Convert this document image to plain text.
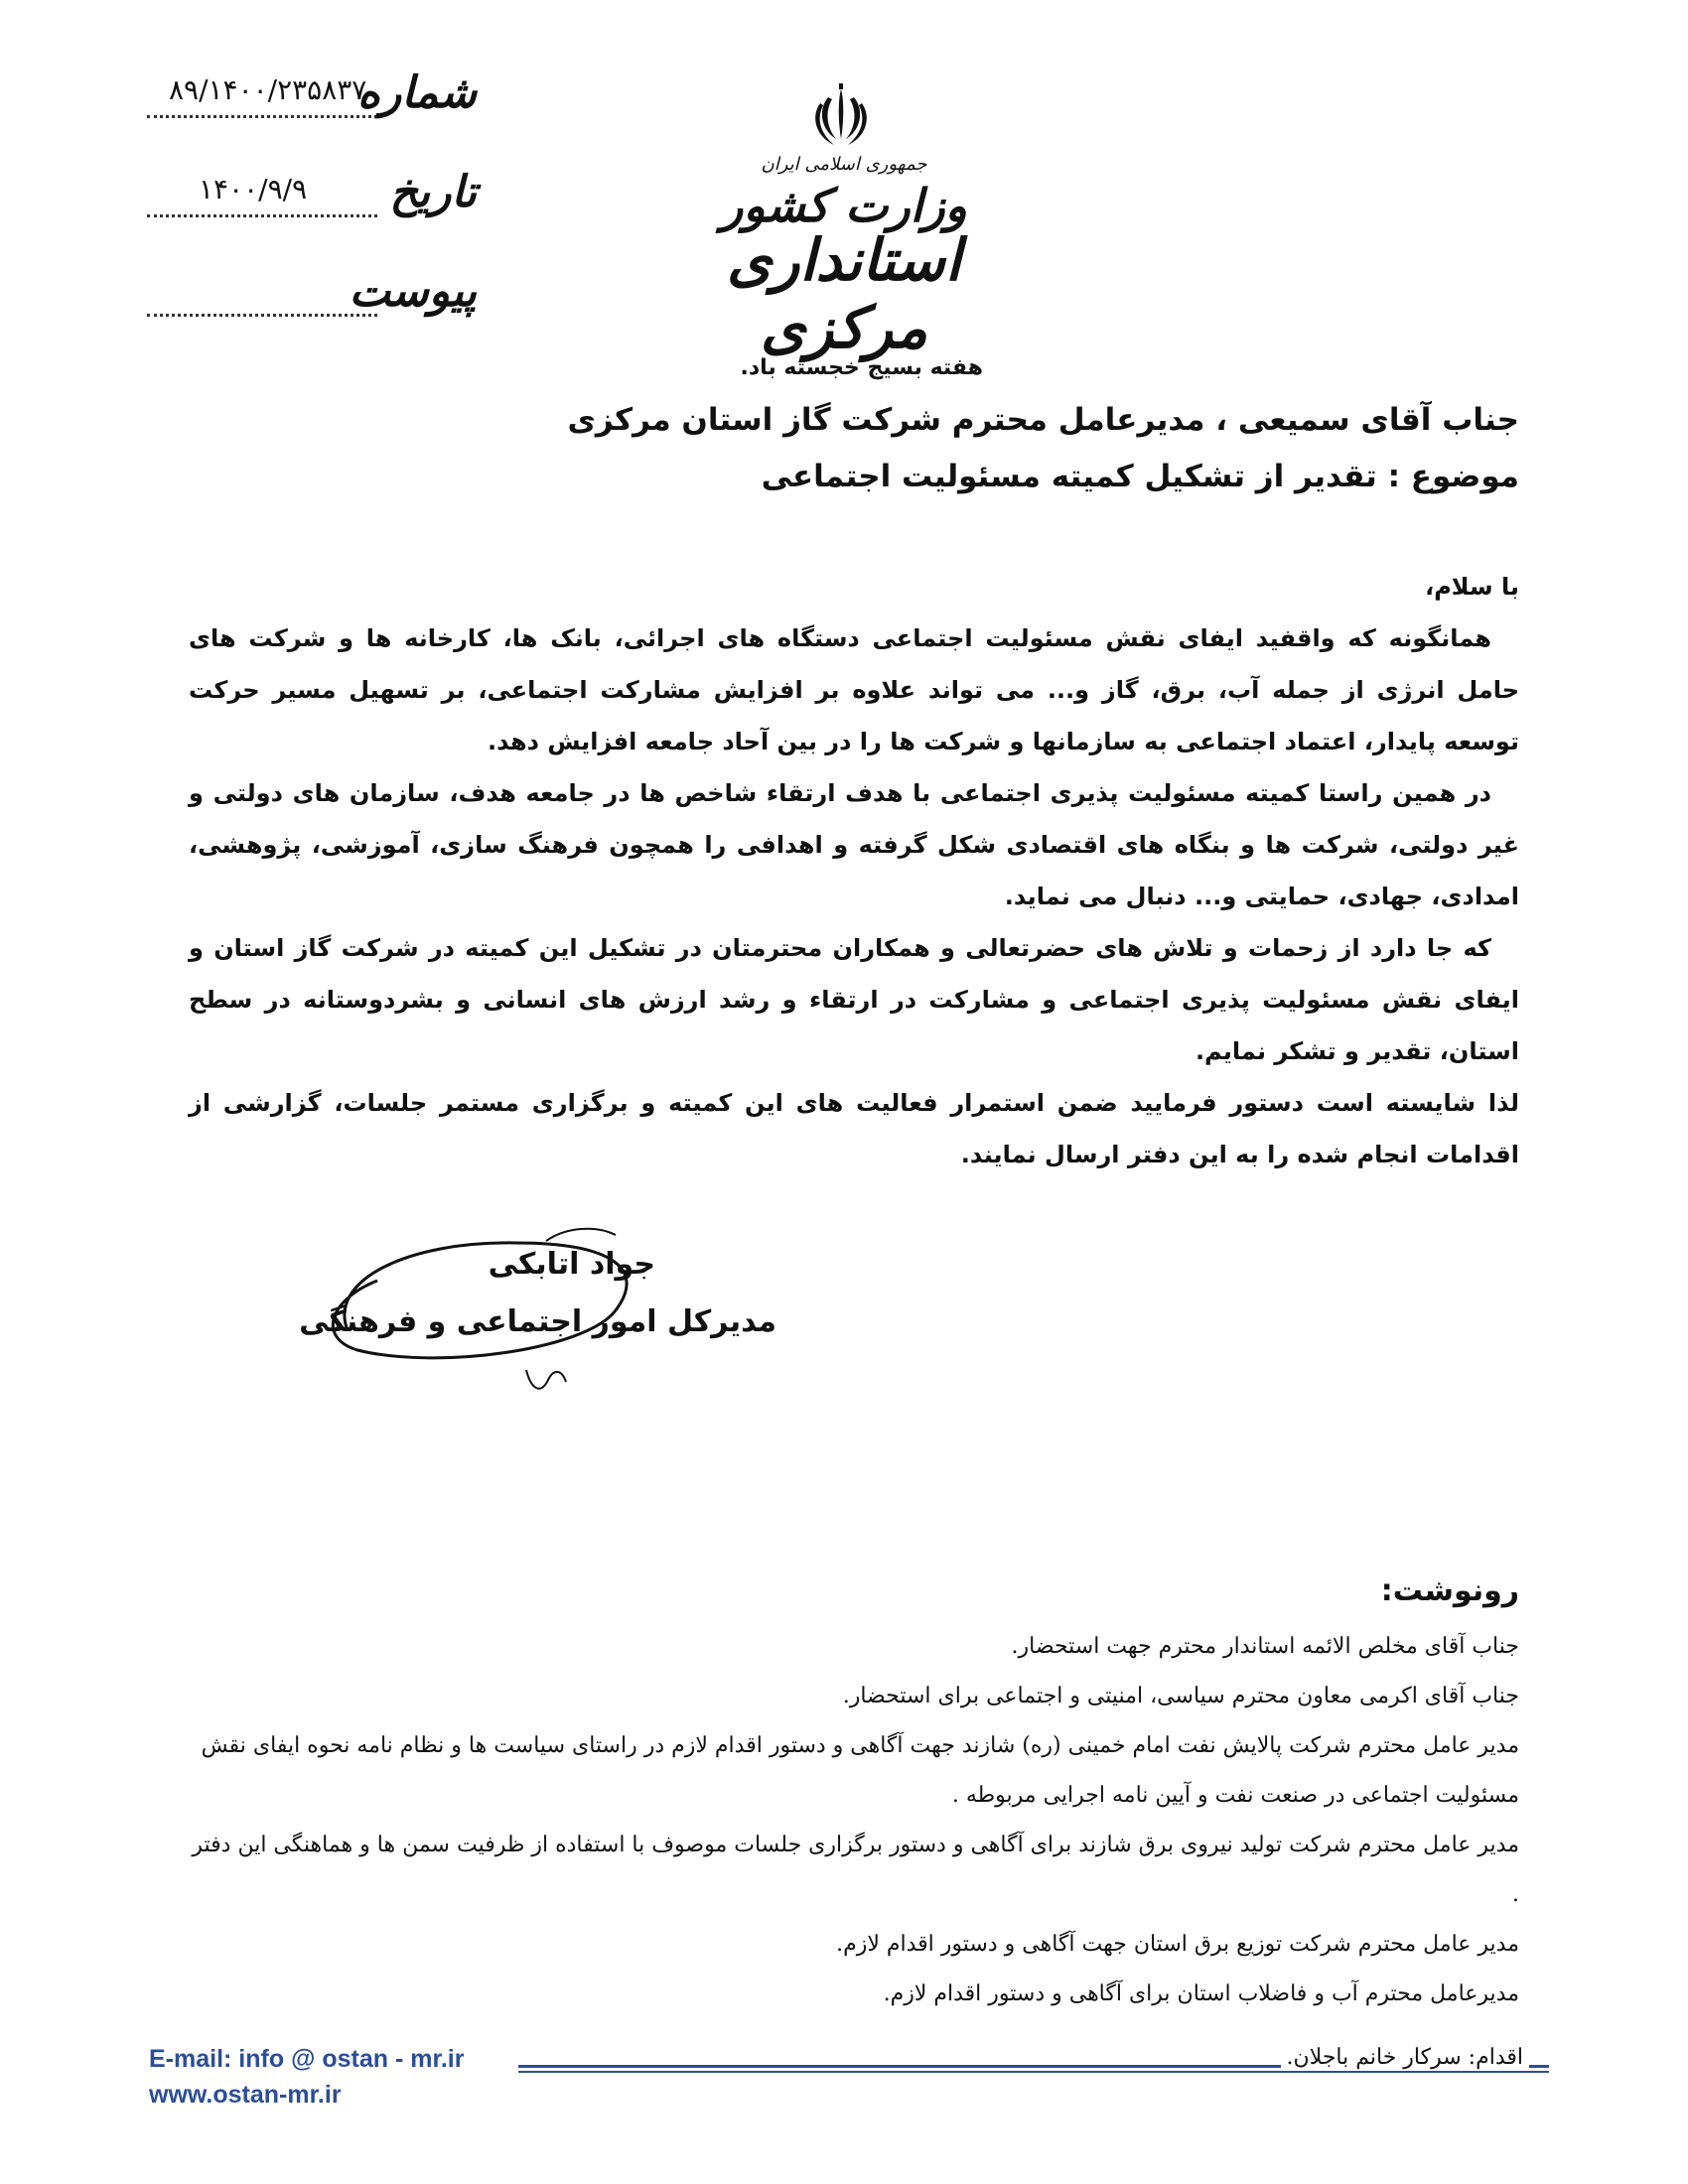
۸۹/۱۴۰۰/۲۳۵۸۳۷
شماره
۱۴۰۰/۹/۹ تاریخ
پیوست
جمهوری اسلامی ایران
وزارت کشور
استانداری مرکزی
هفته بسیج خجسته باد.
جناب آقای سمیعی ، مدیرعامل محترم شرکت گاز استان مرکزی
موضوع : تقدیر از تشکیل کمیته مسئولیت اجتماعی

با سلام،

همانگونه که واقفید ایفای نقش مسئولیت اجتماعی دستگاه های اجرائی، بانک ها، کارخانه ها و شرکت های حامل انرژی از جمله آب، برق، گاز و... می تواند علاوه بر افزایش مشارکت اجتماعی، بر تسهیل مسیر حرکت توسعه پایدار، اعتماد اجتماعی به سازمانها و شرکت ها را در بین آحاد جامعه افزایش دهد.

در همین راستا کمیته مسئولیت پذیری اجتماعی با هدف ارتقاء شاخص ها در جامعه هدف، سازمان های دولتی و غیر دولتی، شرکت ها و بنگاه های اقتصادی شکل گرفته و اهدافی را همچون فرهنگ سازی، آموزشی، پژوهشی، امدادی، جهادی، حمایتی و... دنبال می نماید.

که جا دارد از زحمات و تلاش های حضرتعالی و همکاران محترمتان در تشکیل این کمیته در شرکت گاز استان و ایفای نقش مسئولیت پذیری اجتماعی و مشارکت در ارتقاء و رشد ارزش های انسانی و بشردوستانه در سطح استان، تقدیر و تشکر نمایم.

لذا شایسته است دستور فرمایید ضمن استمرار فعالیت های این کمیته و برگزاری مستمر جلسات، گزارشی از اقدامات انجام شده را به این دفتر ارسال نمایند.

جواد اتابکی
مدیرکل امور اجتماعی و فرهنگی
رونوشت:
جناب آقای مخلص الائمه استاندار محترم جهت استحضار.
جناب آقای اکرمی معاون محترم سیاسی، امنیتی و اجتماعی برای استحضار.
مدیر عامل محترم شرکت پالایش نفت امام خمینی (ره) شازند جهت آگاهی و دستور اقدام لازم در راستای سیاست ها و نظام نامه نحوه ایفای نقش مسئولیت اجتماعی در صنعت نفت و آیین نامه اجرایی مربوطه .
مدیر عامل محترم شرکت تولید نیروی برق شازند برای آگاهی و دستور برگزاری جلسات موصوف با استفاده از ظرفیت سمن ها و هماهنگی این دفتر .
مدیر عامل محترم شرکت توزیع برق استان جهت آگاهی و دستور اقدام لازم.
مدیرعامل محترم آب و فاضلاب استان برای آگاهی و دستور اقدام لازم.
E-mail: info @ ostan - mr.ir
www.ostan-mr.ir
اقدام: سرکار خانم باجلان.
